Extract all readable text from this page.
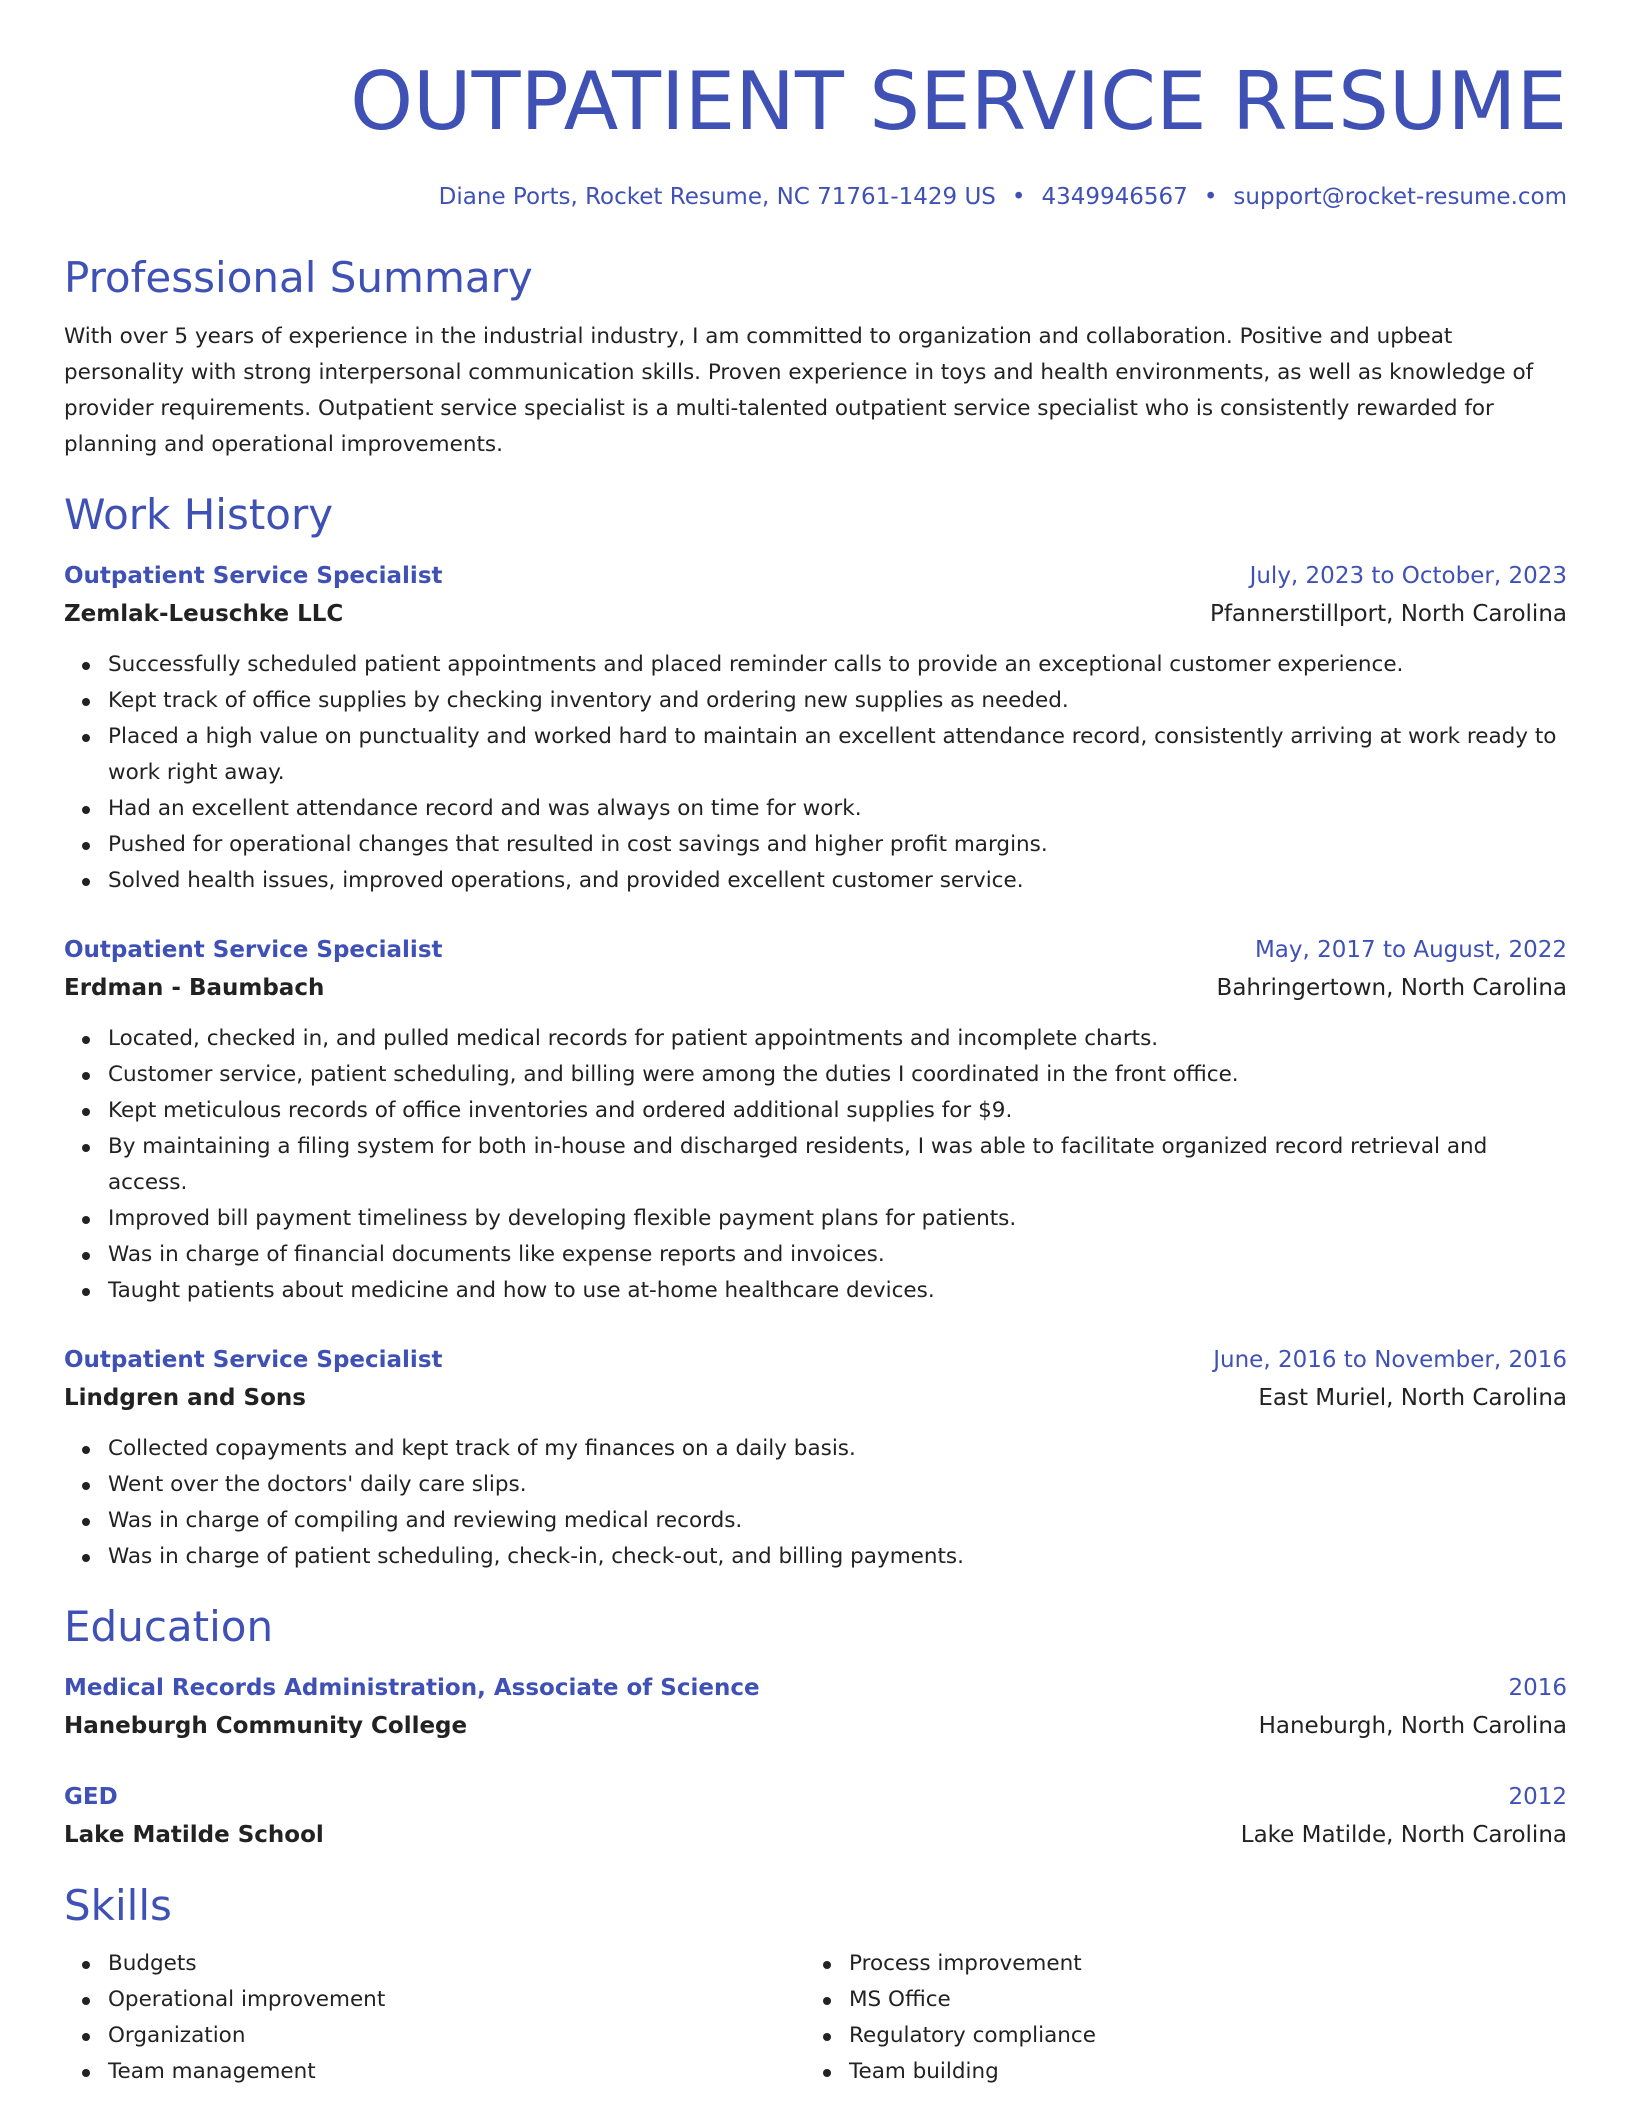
OUTPATIENT SERVICE RESUME
Diane Ports, Rocket Resume, NC 71761-1429 US • 4349946567 • support@rocket-resume.com
Professional Summary

With over 5 years of experience in the industrial industry, I am committed to organization and collaboration. Positive and upbeat personality with strong interpersonal communication skills. Proven experience in toys and health environments, as well as knowledge of provider requirements. Outpatient service specialist is a multi-talented outpatient service specialist who is consistently rewarded for planning and operational improvements.

Work History
Outpatient Service Specialist	July, 2023 to October, 2023
Zemlak-Leuschke LLC	Pfannerstillport, North Carolina
Successfully scheduled patient appointments and placed reminder calls to provide an exceptional customer experience.
Kept track of office supplies by checking inventory and ordering new supplies as needed.
Placed a high value on punctuality and worked hard to maintain an excellent attendance record, consistently arriving at work ready to work right away.
Had an excellent attendance record and was always on time for work.
Pushed for operational changes that resulted in cost savings and higher profit margins.
Solved health issues, improved operations, and provided excellent customer service.
Outpatient Service Specialist	May, 2017 to August, 2022
Erdman - Baumbach	Bahringertown, North Carolina
Located, checked in, and pulled medical records for patient appointments and incomplete charts.
Customer service, patient scheduling, and billing were among the duties I coordinated in the front office.
Kept meticulous records of office inventories and ordered additional supplies for $9.
By maintaining a filing system for both in-house and discharged residents, I was able to facilitate organized record retrieval and access.
Improved bill payment timeliness by developing flexible payment plans for patients.
Was in charge of financial documents like expense reports and invoices.
Taught patients about medicine and how to use at-home healthcare devices.
Outpatient Service Specialist	June, 2016 to November, 2016
Lindgren and Sons	East Muriel, North Carolina
Collected copayments and kept track of my finances on a daily basis.
Went over the doctors' daily care slips.
Was in charge of compiling and reviewing medical records.
Was in charge of patient scheduling, check-in, check-out, and billing payments.
Education
Medical Records Administration, Associate of Science	2016
Haneburgh Community College	Haneburgh, North Carolina
GED	2012
Lake Matilde School	Lake Matilde, North Carolina
Skills
Budgets
Operational improvement
Organization
Team management
Process improvement
MS Office
Regulatory compliance
Team building
